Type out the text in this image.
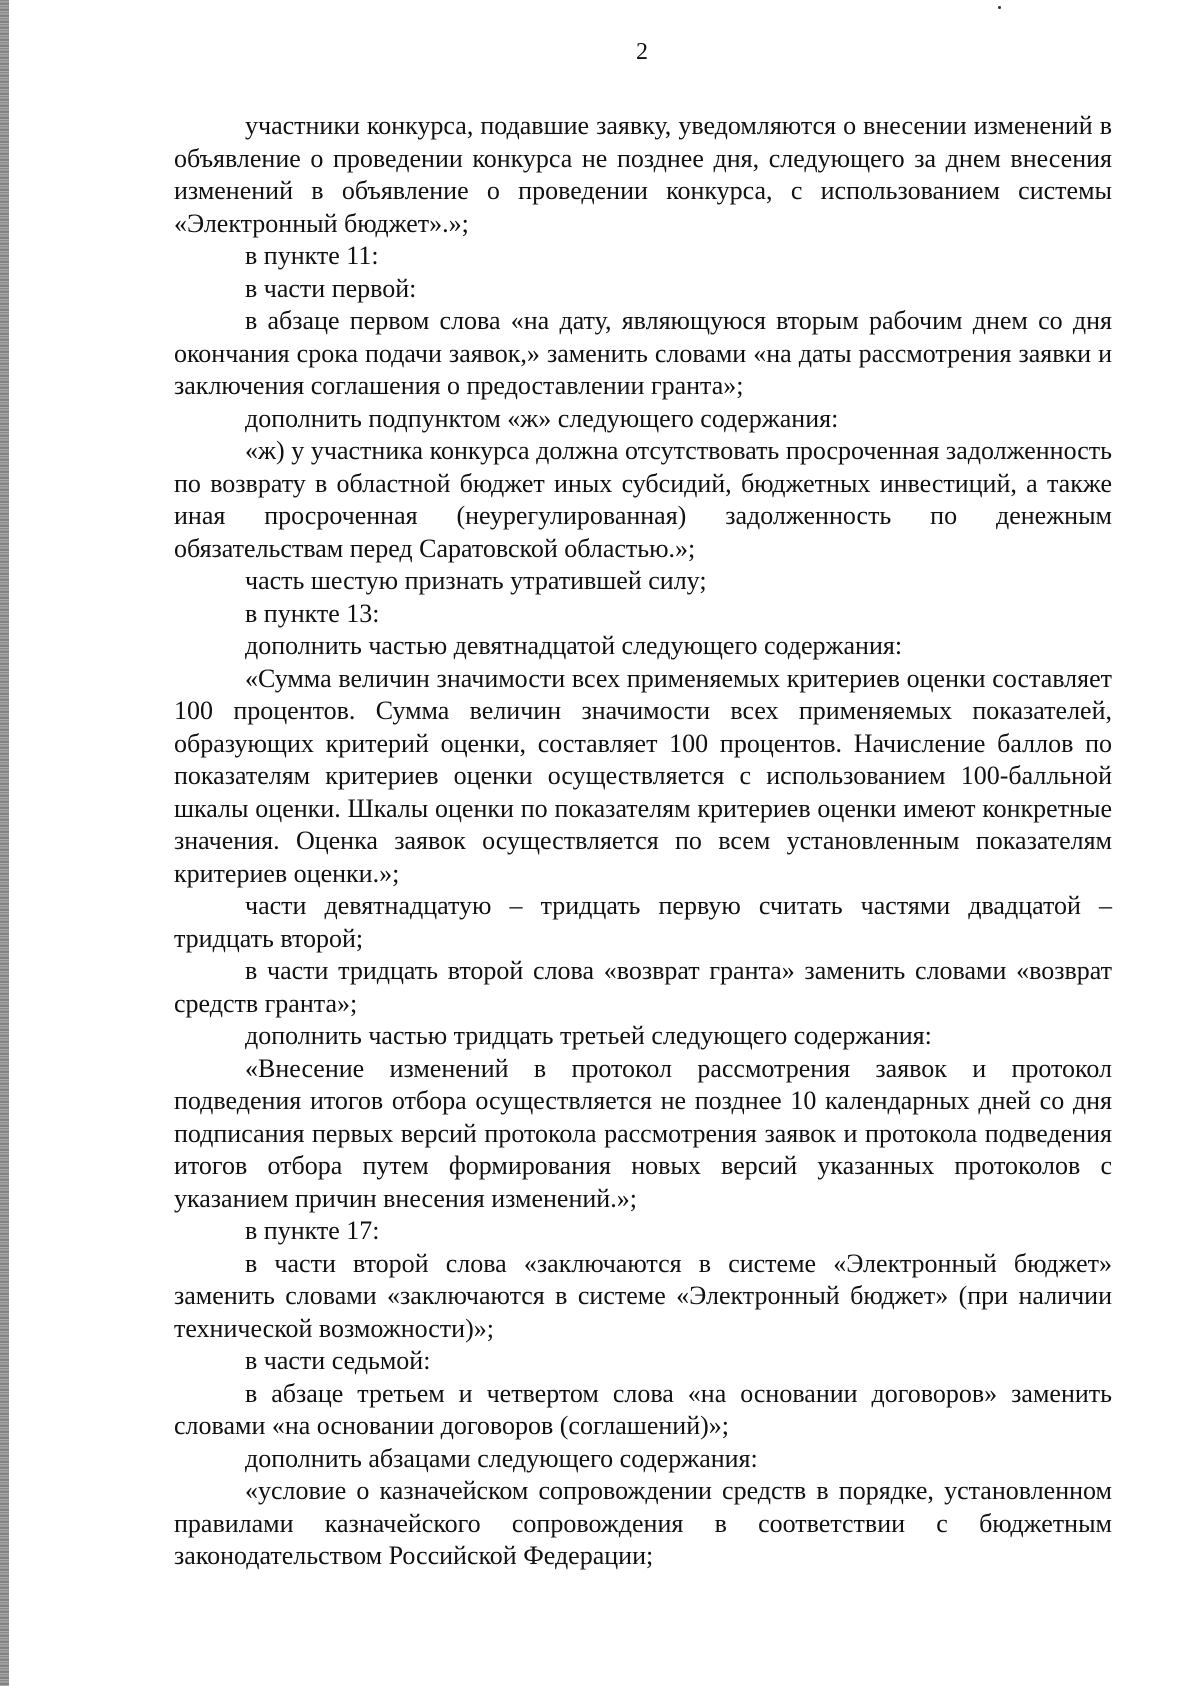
2

участники конкурса, подавшие заявку, уведомляются о внесении изменений в объявление о проведении конкурса не позднее дня, следующего за днем внесения изменений в объявление о проведении конкурса, с использованием системы «Электронный бюджет».»;

в пункте 11:

в части первой:

в абзаце первом слова «на дату, являющуюся вторым рабочим днем со дня окончания срока подачи заявок,» заменить словами «на даты рассмотрения заявки и заключения соглашения о предоставлении гранта»;

дополнить подпунктом «ж» следующего содержания:

«ж) у участника конкурса должна отсутствовать просроченная задолженность по возврату в областной бюджет иных субсидий, бюджетных инвестиций, а также иная просроченная (неурегулированная) задолженность по денежным обязательствам перед Саратовской областью.»;

часть шестую признать утратившей силу;

в пункте 13:

дополнить частью девятнадцатой следующего содержания:

«Сумма величин значимости всех применяемых критериев оценки составляет 100 процентов. Сумма величин значимости всех применяемых показателей, образующих критерий оценки, составляет 100 процентов. Начисление баллов по показателям критериев оценки осуществляется с использованием 100-балльной шкалы оценки. Шкалы оценки по показателям критериев оценки имеют конкретные значения. Оценка заявок осуществляется по всем установленным показателям критериев оценки.»;

части девятнадцатую – тридцать первую считать частями двадцатой – тридцать второй;

в части тридцать второй слова «возврат гранта» заменить словами «возврат средств гранта»;

дополнить частью тридцать третьей следующего содержания:

«Внесение изменений в протокол рассмотрения заявок и протокол подведения итогов отбора осуществляется не позднее 10 календарных дней со дня подписания первых версий протокола рассмотрения заявок и протокола подведения итогов отбора путем формирования новых версий указанных протоколов с указанием причин внесения изменений.»;

в пункте 17:

в части второй слова «заключаются в системе «Электронный бюджет» заменить словами «заключаются в системе «Электронный бюджет» (при наличии технической возможности)»;

в части седьмой:

в абзаце третьем и четвертом слова «на основании договоров» заменить словами «на основании договоров (соглашений)»;

дополнить абзацами следующего содержания:

«условие о казначейском сопровождении средств в порядке, установленном правилами казначейского сопровождения в соответствии с бюджетным законодательством Российской Федерации;
